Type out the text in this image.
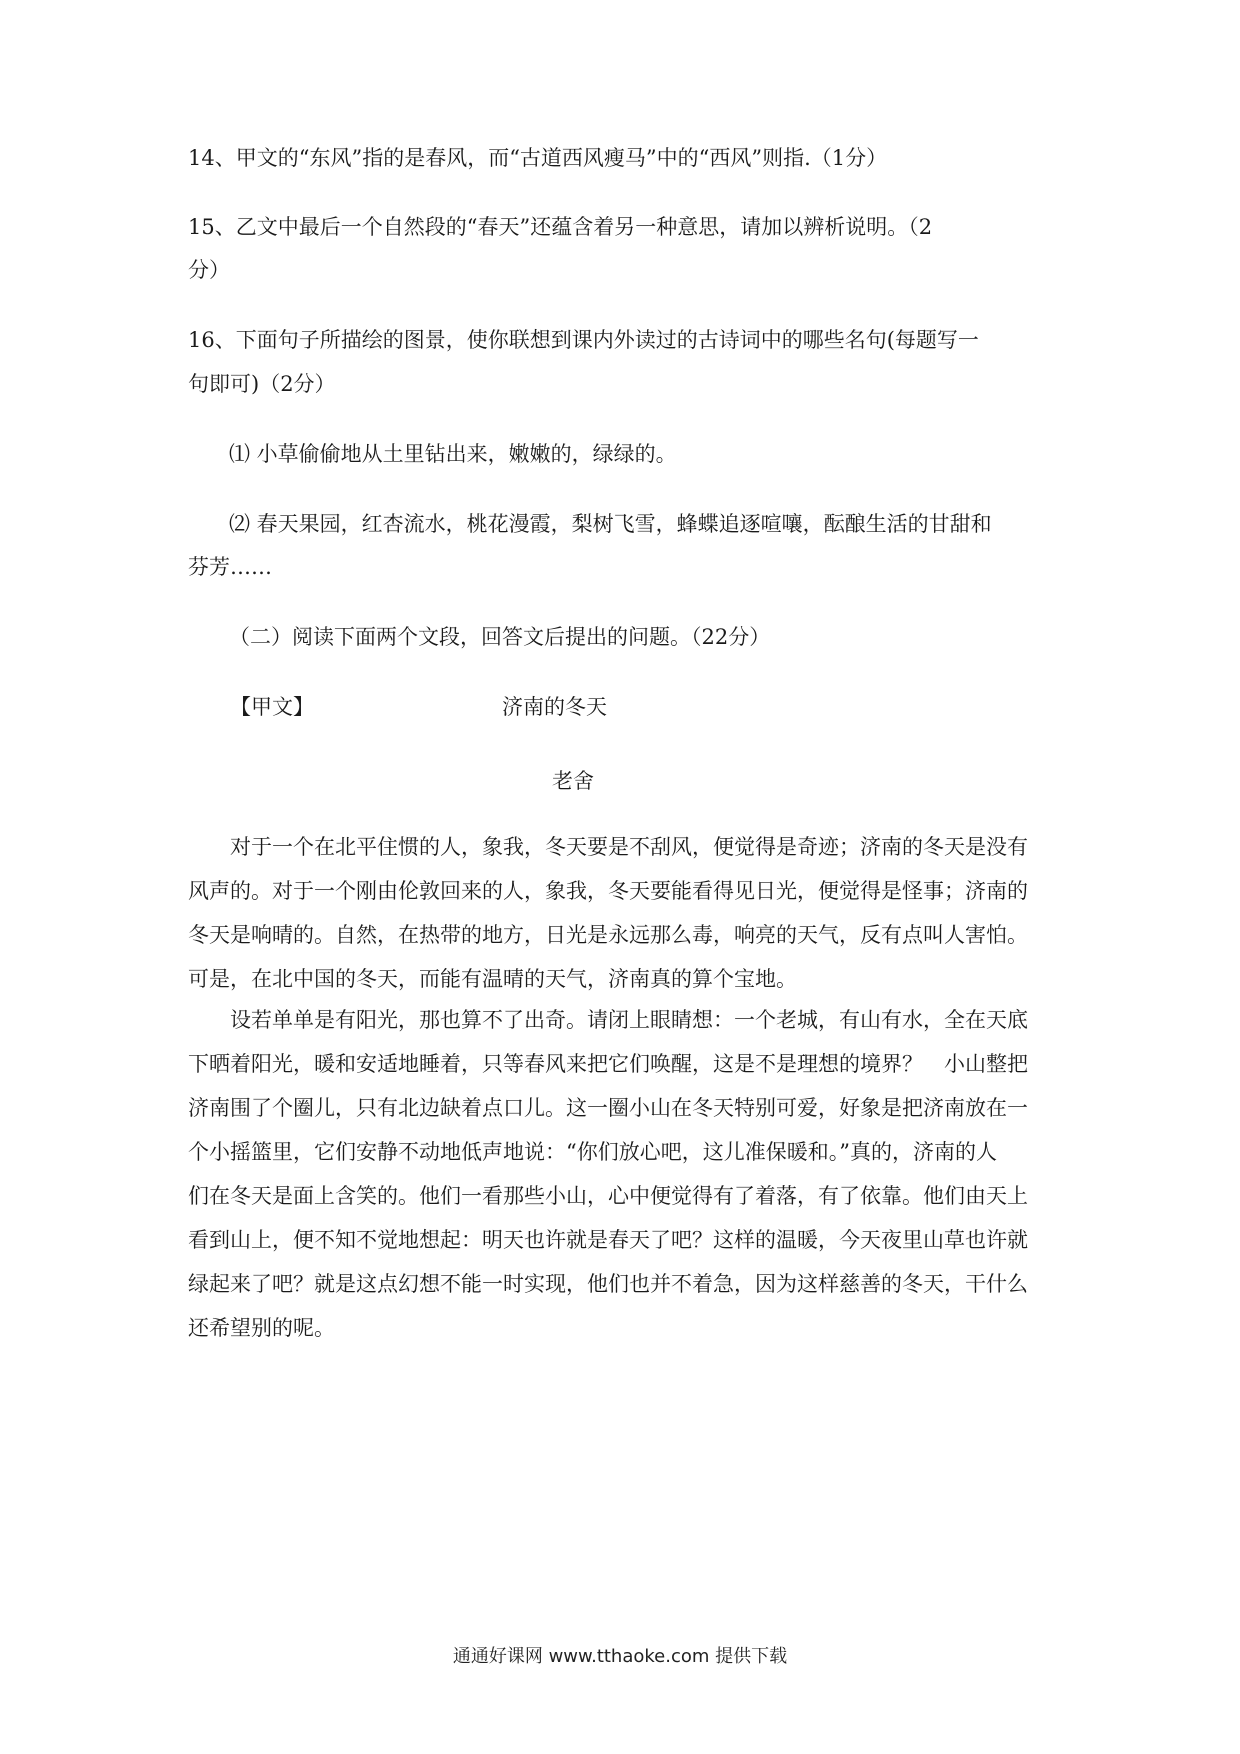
14、甲文的“东风”指的是春风，而“古道西风瘦马”中的“西风”则指.（1分）
15、乙文中最后一个自然段的“春天”还蕴含着另一种意思，请加以辨析说明。（2
分）
16、下面句子所描绘的图景，使你联想到课内外读过的古诗词中的哪些名句(每题写一
句即可)（2分）
⑴ 小草偷偷地从土里钻出来，嫩嫩的，绿绿的。
⑵ 春天果园，红杏流水，桃花漫霞，梨树飞雪，蜂蝶追逐喧嚷，酝酿生活的甘甜和
芬芳……
（二）阅读下面两个文段，回答文后提出的问题。（22分）
【甲文】	济南的冬天
老舍
对于一个在北平住惯的人，象我，冬天要是不刮风，便觉得是奇迹；济南的冬天是没有
风声的。对于一个刚由伦敦回来的人，象我，冬天要能看得见日光，便觉得是怪事；济南的
冬天是响晴的。自然，在热带的地方，日光是永远那么毒，响亮的天气，反有点叫人害怕。
可是，在北中国的冬天，而能有温晴的天气，济南真的算个宝地。
设若单单是有阳光，那也算不了出奇。请闭上眼睛想：一个老城，有山有水，全在天底
下晒着阳光，暖和安适地睡着，只等春风来把它们唤醒，这是不是理想的境界？　小山整把
济南围了个圈儿，只有北边缺着点口儿。这一圈小山在冬天特别可爱，好象是把济南放在一
个小摇篮里，它们安静不动地低声地说：“你们放心吧，这儿准保暖和。”真的，济南的人
们在冬天是面上含笑的。他们一看那些小山，心中便觉得有了着落，有了依靠。他们由天上
看到山上，便不知不觉地想起：明天也许就是春天了吧？这样的温暖，今天夜里山草也许就
绿起来了吧？就是这点幻想不能一时实现，他们也并不着急，因为这样慈善的冬天，干什么
还希望别的呢。
通通好课网 www.tthaoke.com 提供下载
